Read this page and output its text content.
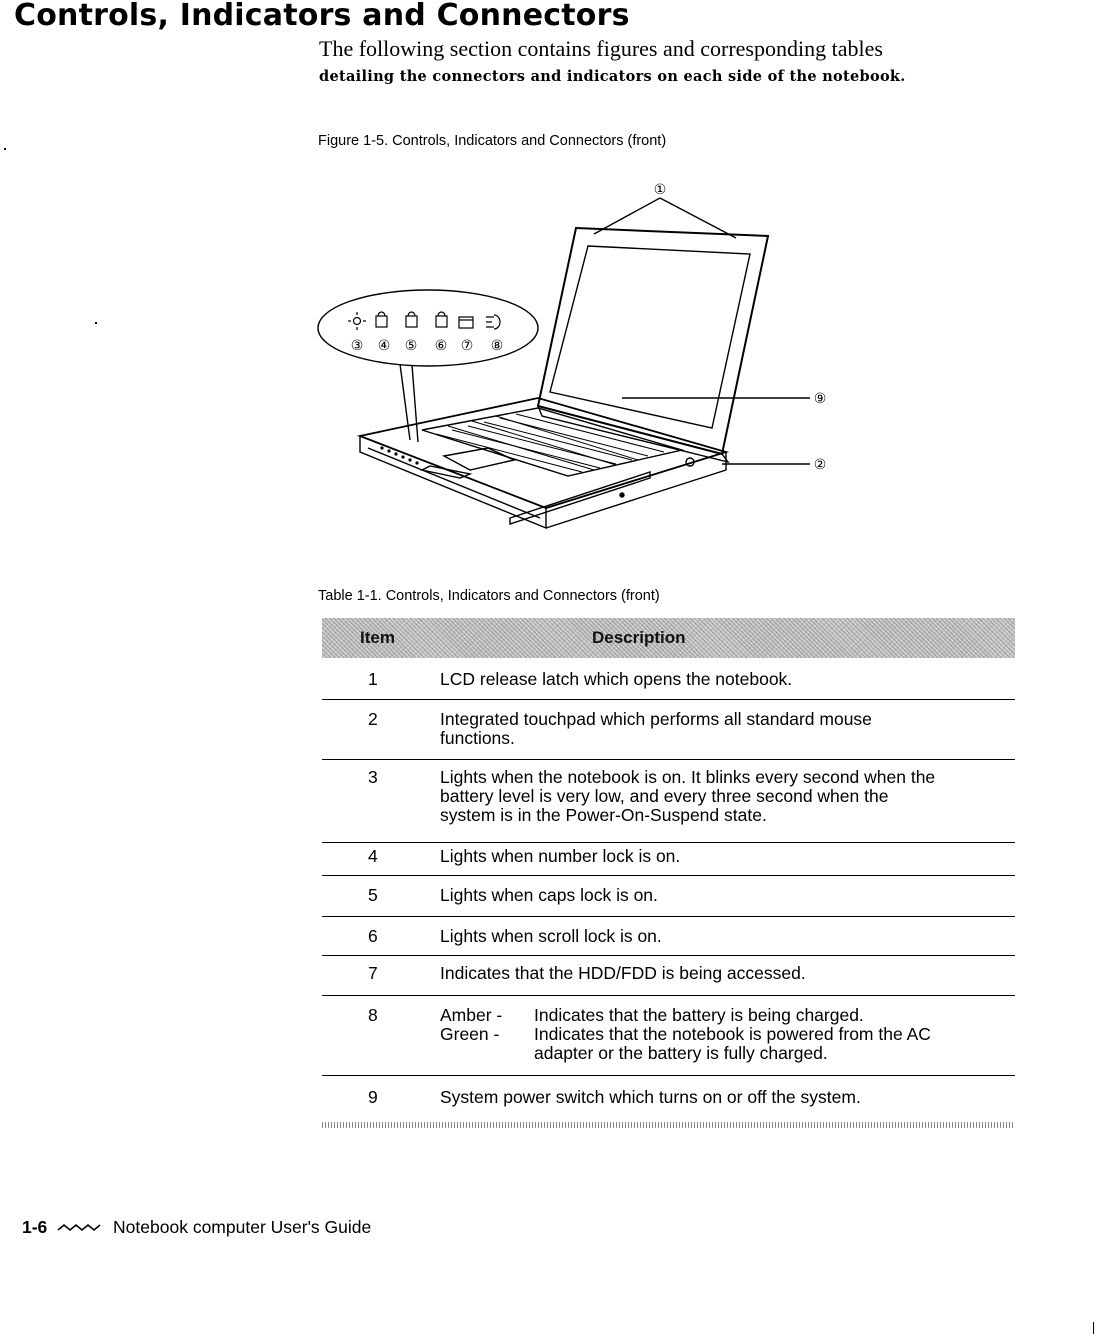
Controls, Indicators and Connectors

The following section contains figures and corresponding tables

detailing the connectors and indicators on each side of the notebook.

Figure 1-5. Controls, Indicators and Connectors (front)

①
③ ④ ⑤ ⑥ ⑦ ⑧
⑨
②

Table 1-1. Controls, Indicators and Connectors (front)

Item	Description
1	LCD release latch which opens the notebook.
2	Integrated touchpad which performs all standard mouse
functions.
3	Lights when the notebook is on. It blinks every second when the
battery level is very low, and every three second when the
system is in the Power-On-Suspend state.
4	Lights when number lock is on.
5	Lights when caps lock is on.
6	Lights when scroll lock is on.
7	Indicates that the HDD/FDD is being accessed.
8	Amber - Indicates that the battery is being charged.
Green - Indicates that the notebook is powered from the AC
adapter or the battery is fully charged.
9	System power switch which turns on or off the system.
1-6	Notebook computer User's Guide
